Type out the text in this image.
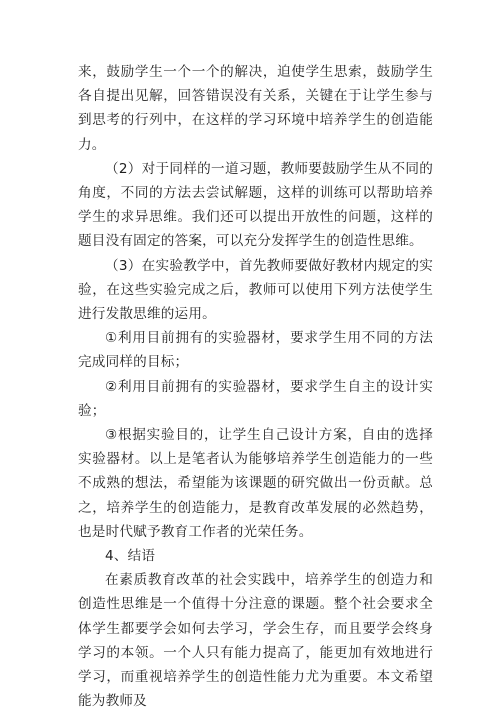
来，鼓励学生一个一个的解决，迫使学生思索，鼓励学生各自提出见解，回答错误没有关系，关键在于让学生参与到思考的行列中，在这样的学习环境中培养学生的创造能力。

（2）对于同样的一道习题，教师要鼓励学生从不同的角度，不同的方法去尝试解题，这样的训练可以帮助培养学生的求异思维。我们还可以提出开放性的问题，这样的题目没有固定的答案，可以充分发挥学生的创造性思维。

（3）在实验教学中，首先教师要做好教材内规定的实验，在这些实验完成之后，教师可以使用下列方法使学生进行发散思维的运用。

①利用目前拥有的实验器材，要求学生用不同的方法完成同样的目标；

②利用目前拥有的实验器材，要求学生自主的设计实验；

③根据实验目的，让学生自己设计方案，自由的选择实验器材。以上是笔者认为能够培养学生创造能力的一些不成熟的想法，希望能为该课题的研究做出一份贡献。总之，培养学生的创造能力，是教育改革发展的必然趋势，也是时代赋予教育工作者的光荣任务。

4、结语

在素质教育改革的社会实践中，培养学生的创造力和创造性思维是一个值得十分注意的课题。整个社会要求全体学生都要学会如何去学习，学会生存，而且要学会终身学习的本领。一个人只有能力提高了，能更加有效地进行学习，而重视培养学生的创造性能力尤为重要。本文希望能为教师及
